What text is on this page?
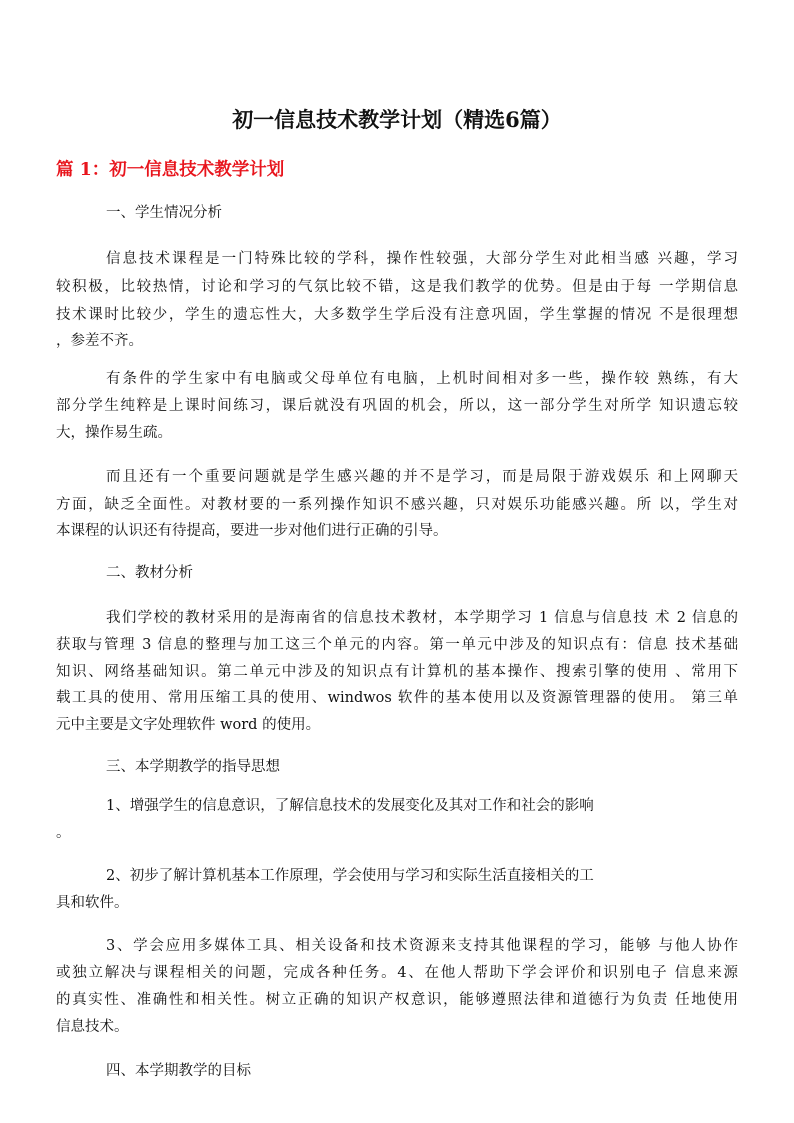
初一信息技术教学计划（精选6篇）
篇 1：初一信息技术教学计划
一、学生情况分析
信息技术课程是一门特殊比较的学科，操作性较强，大部分学生对此相当感 兴趣，学习
较积极，比较热情，讨论和学习的气氛比较不错，这是我们教学的优势。但是由于每 一学期信息
技术课时比较少，学生的遗忘性大，大多数学生学后没有注意巩固，学生掌握的情况 不是很理想
，参差不齐。
有条件的学生家中有电脑或父母单位有电脑，上机时间相对多一些，操作较 熟练，有大
部分学生纯粹是上课时间练习，课后就没有巩固的机会，所以，这一部分学生对所学 知识遗忘较
大，操作易生疏。
而且还有一个重要问题就是学生感兴趣的并不是学习，而是局限于游戏娱乐 和上网聊天
方面，缺乏全面性。对教材要的一系列操作知识不感兴趣，只对娱乐功能感兴趣。所 以，学生对
本课程的认识还有待提高，要进一步对他们进行正确的引导。
二、教材分析
我们学校的教材采用的是海南省的信息技术教材，本学期学习 1 信息与信息技 术 2 信息的
获取与管理 3 信息的整理与加工这三个单元的内容。第一单元中涉及的知识点有：信息 技术基础
知识、网络基础知识。第二单元中涉及的知识点有计算机的基本操作、搜索引擎的使用 、常用下
载工具的使用、常用压缩工具的使用、windwos 软件的基本使用以及资源管理器的使用。 第三单
元中主要是文字处理软件 word 的使用。
三、本学期教学的指导思想
1、增强学生的信息意识，了解信息技术的发展变化及其对工作和社会的影响
。
2、初步了解计算机基本工作原理，学会使用与学习和实际生活直接相关的工
具和软件。
3、学会应用多媒体工具、相关设备和技术资源来支持其他课程的学习，能够 与他人协作
或独立解决与课程相关的问题，完成各种任务。4、在他人帮助下学会评价和识别电子 信息来源
的真实性、准确性和相关性。树立正确的知识产权意识，能够遵照法律和道德行为负责 任地使用
信息技术。
四、本学期教学的目标
